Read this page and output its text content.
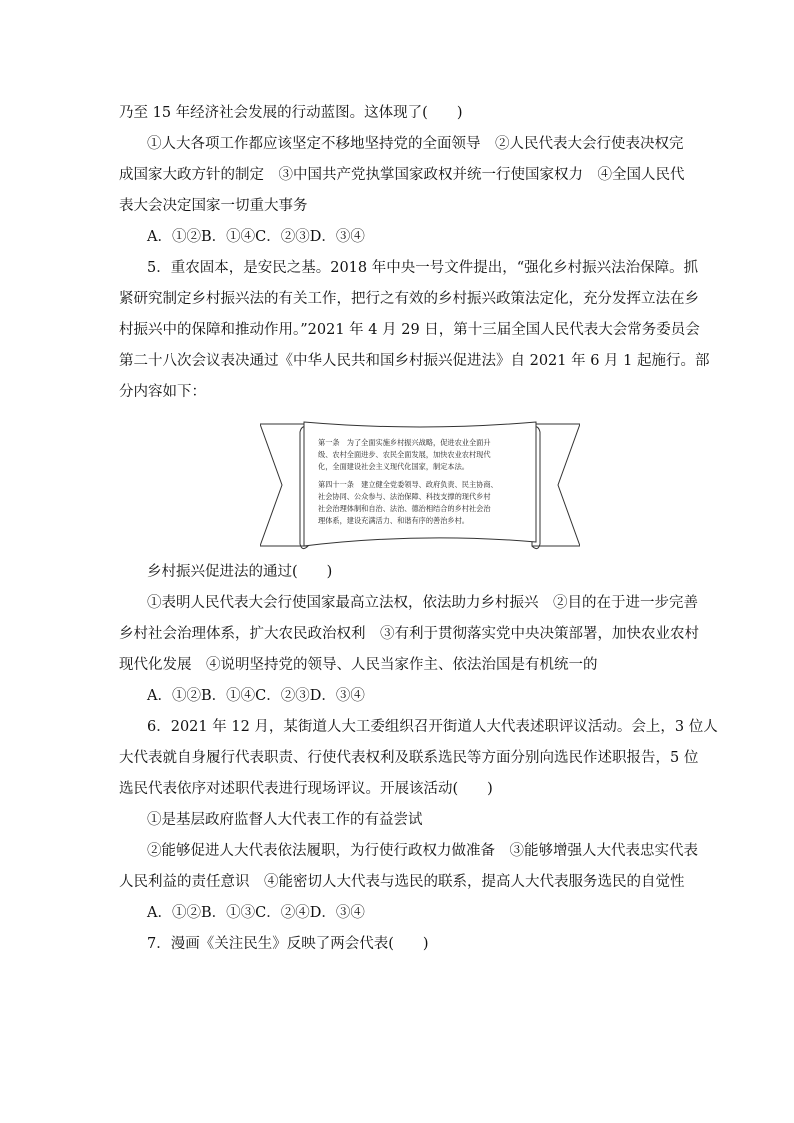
乃至 15 年经济社会发展的行动蓝图。这体现了(　　)
①人大各项工作都应该坚定不移地坚持党的全面领导　②人民代表大会行使表决权完
成国家大政方针的制定　③中国共产党执掌国家政权并统一行使国家权力　④全国人民代
表大会决定国家一切重大事务
A．①②B．①④C．②③D．③④
5．重农固本，是安民之基。2018 年中央一号文件提出，“强化乡村振兴法治保障。抓
紧研究制定乡村振兴法的有关工作，把行之有效的乡村振兴政策法定化，充分发挥立法在乡
村振兴中的保障和推动作用。”2021 年 4 月 29 日，第十三届全国人民代表大会常务委员会
第二十八次会议表决通过《中华人民共和国乡村振兴促进法》自 2021 年 6 月 1 起施行。部
分内容如下：
第一条　为了全面实施乡村振兴战略，促进农业全面升
级、农村全面进步、农民全面发展，加快农业农村现代
化，全面建设社会主义现代化国家，制定本法。
第四十一条　建立健全党委领导、政府负责、民主协商、
社会协同、公众参与、法治保障、科技支撑的现代乡村
社会治理体制和自治、法治、德治相结合的乡村社会治
理体系，建设充满活力、和谐有序的善治乡村。
乡村振兴促进法的通过(　　)
①表明人民代表大会行使国家最高立法权，依法助力乡村振兴　②目的在于进一步完善
乡村社会治理体系，扩大农民政治权利　③有利于贯彻落实党中央决策部署，加快农业农村
现代化发展　④说明坚持党的领导、人民当家作主、依法治国是有机统一的
A．①②B．①④C．②③D．③④
6．2021 年 12 月，某街道人大工委组织召开街道人大代表述职评议活动。会上，3 位人
大代表就自身履行代表职责、行使代表权利及联系选民等方面分别向选民作述职报告，5 位
选民代表依序对述职代表进行现场评议。开展该活动(　　)
①是基层政府监督人大代表工作的有益尝试
②能够促进人大代表依法履职，为行使行政权力做准备　③能够增强人大代表忠实代表
人民利益的责任意识　④能密切人大代表与选民的联系，提高人大代表服务选民的自觉性
A．①②B．①③C．②④D．③④
7．漫画《关注民生》反映了两会代表(　　)
